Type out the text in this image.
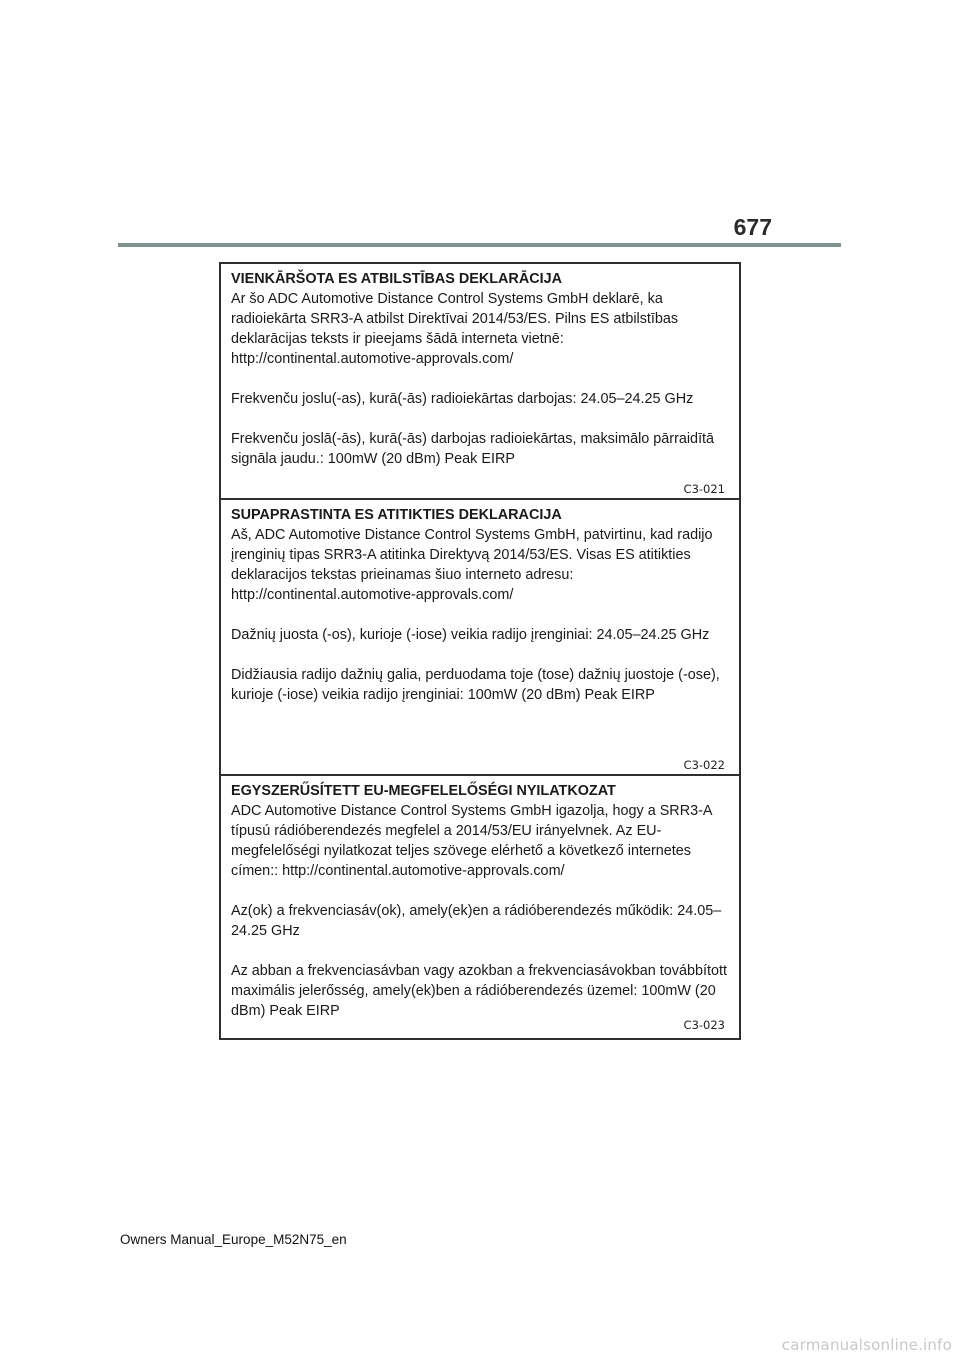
677

VIENKĀRŠOTA ES ATBILSTĪBAS DEKLARĀCIJA

Ar šo ADC Automotive Distance Control Systems GmbH deklarē, ka radioiekārta SRR3-A atbilst Direktīvai 2014/53/ES. Pilns ES atbilstības deklarācijas teksts ir pieejams šādā interneta vietnē: http://continental.automotive-approvals.com/

Frekvenču joslu(-as), kurā(-ās) radioiekārtas darbojas: 24.05–24.25 GHz

Frekvenču joslā(-ās), kurā(-ās) darbojas radioiekārtas, maksimālo pārraidītā signāla jaudu.: 100mW (20 dBm) Peak EIRP

C3-021

SUPAPRASTINTA ES ATITIKTIES DEKLARACIJA

Aš, ADC Automotive Distance Control Systems GmbH, patvirtinu, kad radijo įrenginių tipas SRR3-A atitinka Direktyvą 2014/53/ES. Visas ES atitikties deklaracijos tekstas prieinamas šiuo interneto adresu: http://continental.automotive-approvals.com/

Dažnių juosta (-os), kurioje (-iose) veikia radijo įrenginiai: 24.05–24.25 GHz

Didžiausia radijo dažnių galia, perduodama toje (tose) dažnių juostoje (-ose), kurioje (-iose) veikia radijo įrenginiai: 100mW (20 dBm) Peak EIRP

C3-022

EGYSZERŰSÍTETT EU-MEGFELELŐSÉGI NYILATKOZAT

ADC Automotive Distance Control Systems GmbH igazolja, hogy a SRR3-A típusú rádióberendezés megfelel a 2014/53/EU irányelvnek. Az EU-megfelelőségi nyilatkozat teljes szövege elérhető a következő internetes címen:: http://continental.automotive-approvals.com/

Az(ok) a frekvenciasáv(ok), amely(ek)en a rádióberendezés működik: 24.05–24.25 GHz

Az abban a frekvenciasávban vagy azokban a frekvenciasávokban továbbított maximális jelerősség, amely(ek)ben a rádióberendezés üzemel: 100mW (20 dBm) Peak EIRP

C3-023
Owners Manual_Europe_M52N75_en
carmanualsonline.info
